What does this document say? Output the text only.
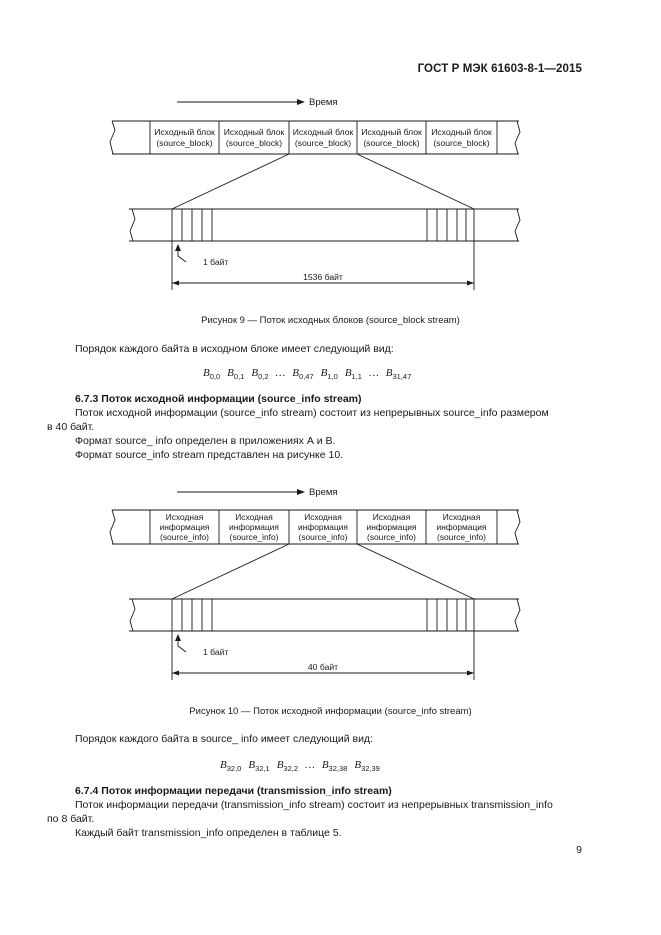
ГОСТ Р МЭК 61603-8-1—2015
Время
Исходный блок
(source_block)
Исходный блок
(source_block)
Исходный блок
(source_block)
Исходный блок
(source_block)
Исходный блок
(source_block)
1 байт
1536 байт
Рисунок 9 — Поток исходных блоков (source_block stream)
Порядок каждого байта в исходном блоке имеет следующий вид:
$B_{0,0}$ $B_{0,1}$ $B_{0,2}$ … $B_{0,47}$ $B_{1,0}$ $B_{1,1}$ … $B_{31,47}$
6.7.3 Поток исходной информации (source_info stream)
Поток исходной информации (source_info stream) состоит из непрерывных source_info размером
в 40 байт.
Формат source_ info определен в приложениях А и В.
Формат source_info stream представлен на рисунке 10.
Время
Исходная
информация
(source_info)
Исходная
информация
(source_info)
Исходная
информация
(source_info)
Исходная
информация
(source_info)
Исходная
информация
(source_info)
1 байт
40 байт
Рисунок 10 — Поток исходной информации (source_info stream)
Порядок каждого байта в source_ info имеет следующий вид:
$B_{32,0}$ $B_{32,1}$ $B_{32,2}$ … $B_{32,38}$ $B_{32,39}$
6.7.4 Поток информации передачи (transmission_info stream)
Поток информации передачи (transmission_info stream) состоит из непрерывных transmission_info
по 8 байт.
Каждый байт transmission_info определен в таблице 5.
9
